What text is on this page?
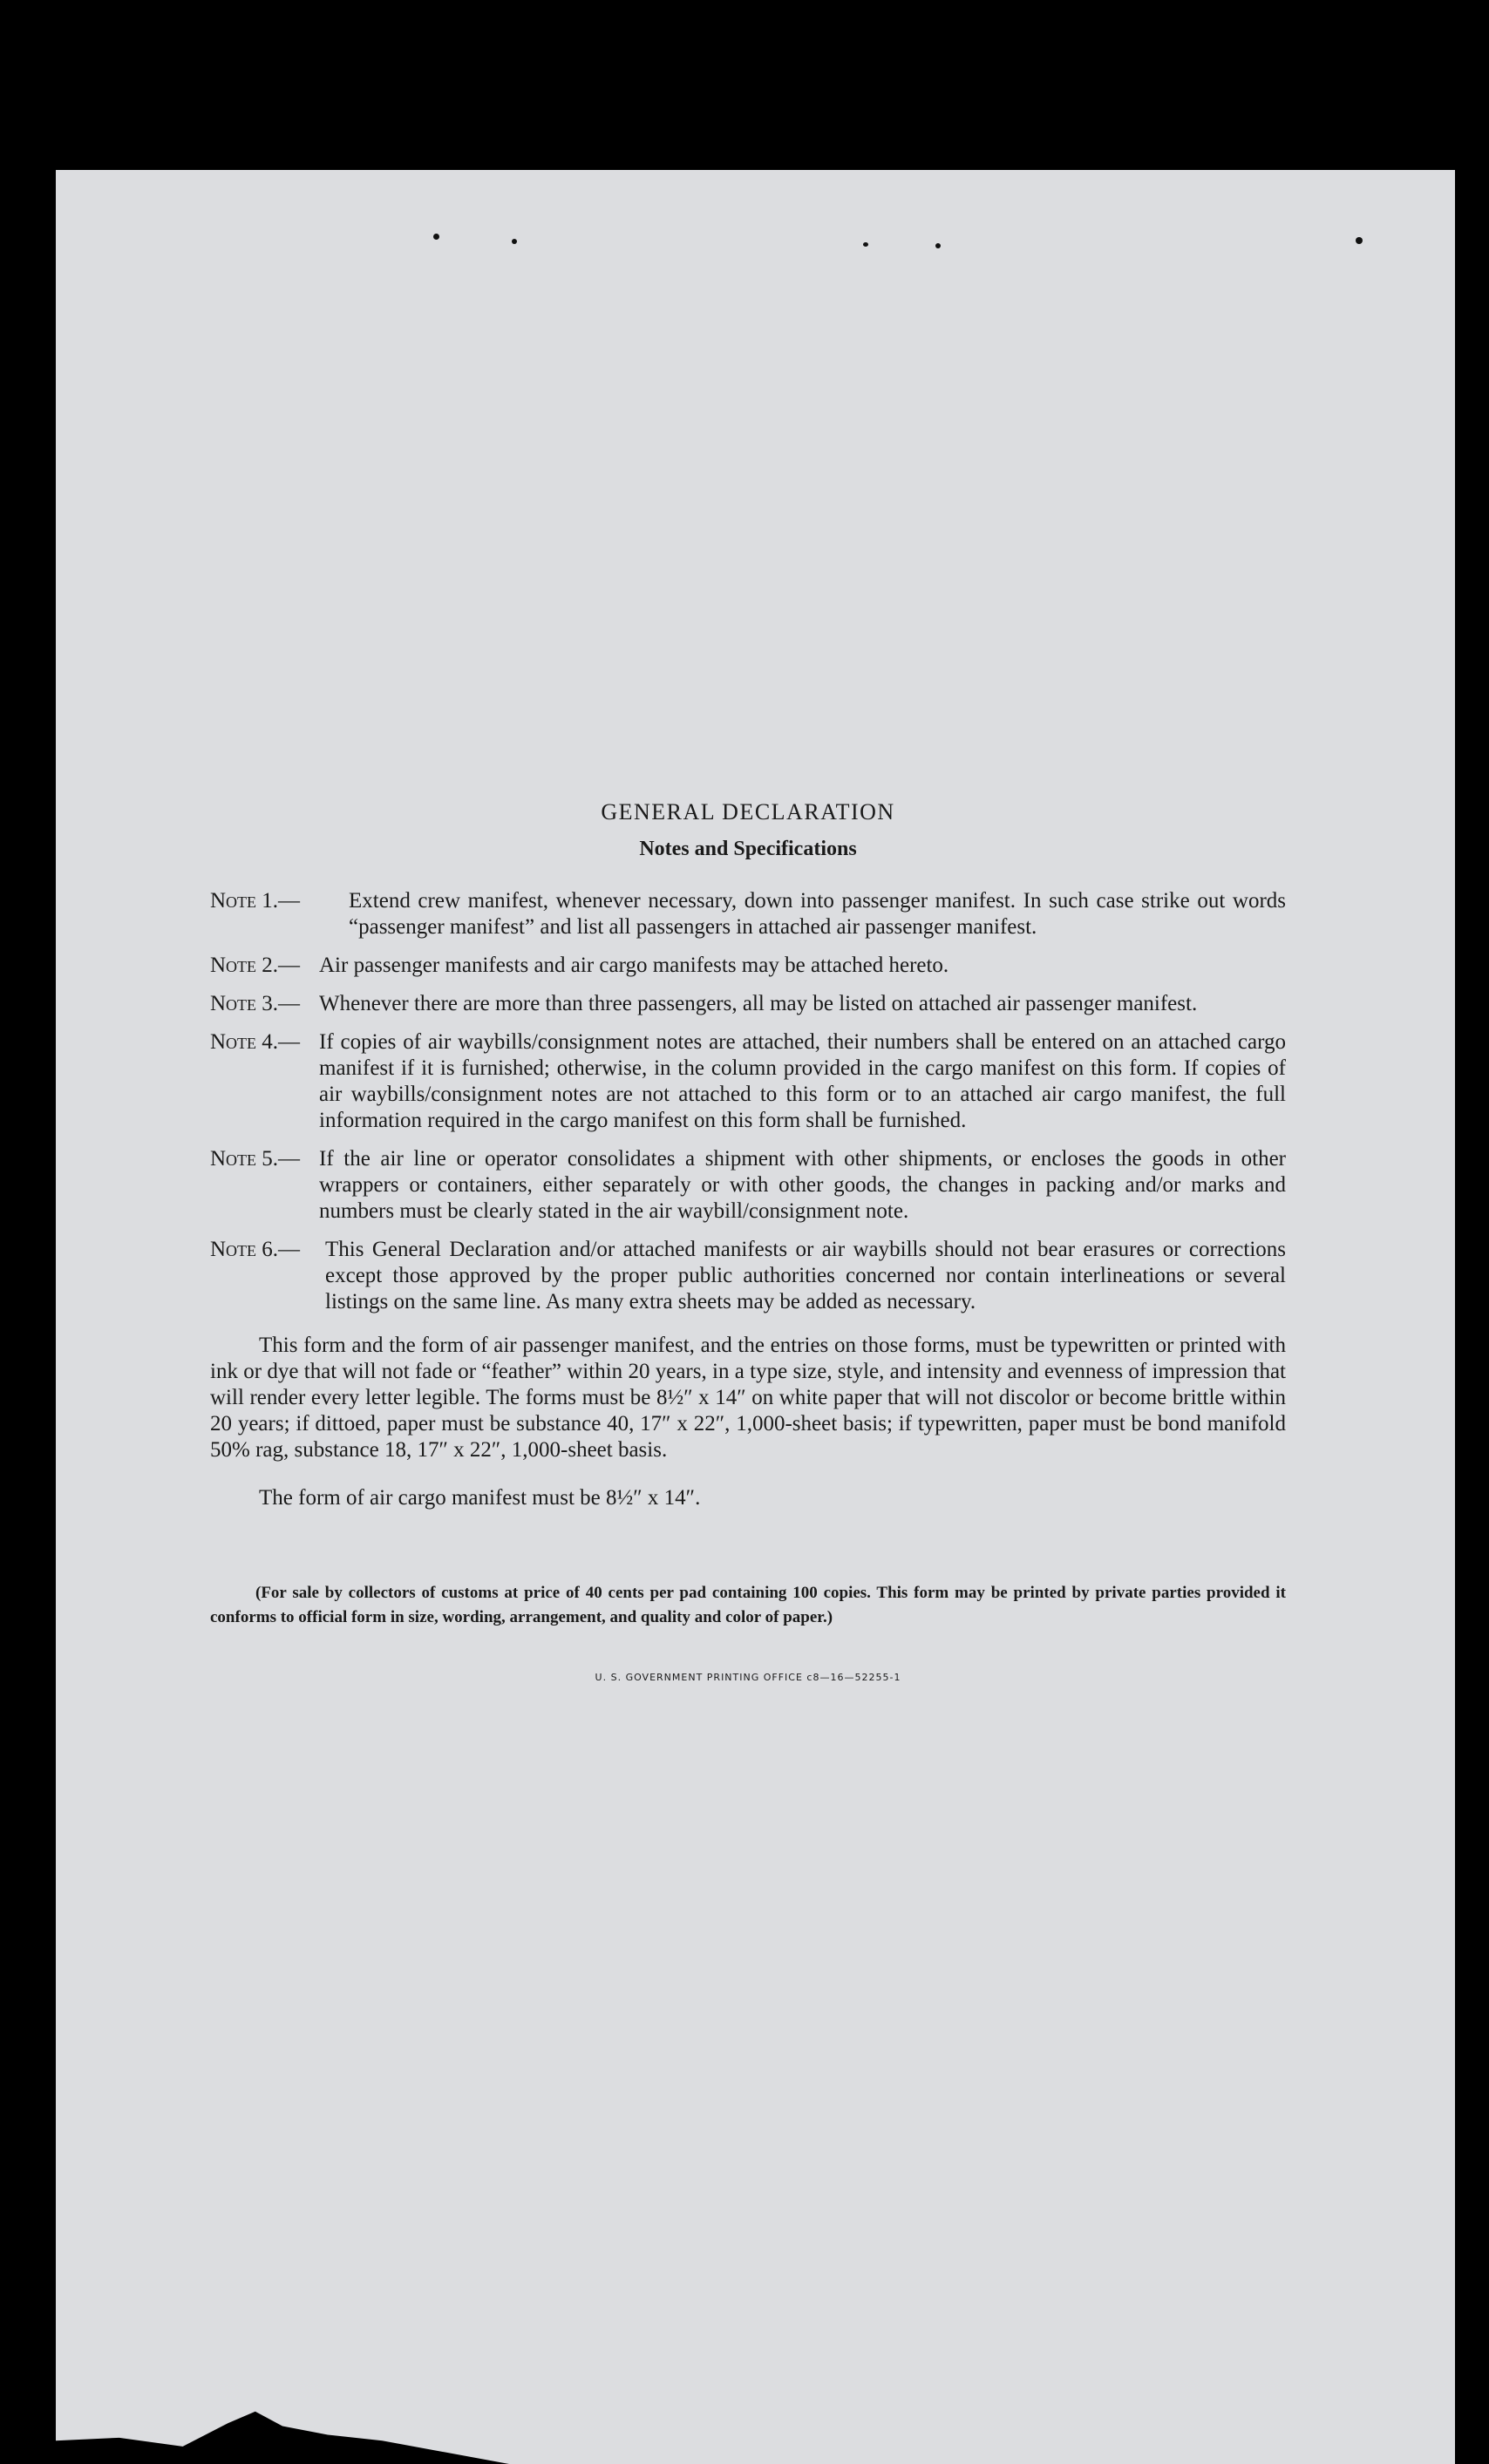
GENERAL DECLARATION
Notes and Specifications
Note 1.—	Extend crew manifest, whenever necessary, down into passenger manifest. In such case strike out words “passenger manifest” and list all passengers in attached air passenger manifest.
Note 2.— Air passenger manifests and air cargo manifests may be attached hereto.
Note 3.— Whenever there are more than three passengers, all may be listed on attached air passenger manifest.
Note 4.— If copies of air waybills/consignment notes are attached, their numbers shall be entered on an attached cargo manifest if it is furnished; otherwise, in the column provided in the cargo manifest on this form. If copies of air waybills/consignment notes are not attached to this form or to an attached air cargo manifest, the full information required in the cargo manifest on this form shall be furnished.
Note 5.— If the air line or operator consolidates a shipment with other shipments, or encloses the goods in other wrappers or containers, either separately or with other goods, the changes in packing and/or marks and numbers must be clearly stated in the air waybill/consignment note.
Note 6.—	This General Declaration and/or attached manifests or air waybills should not bear erasures or corrections except those approved by the proper public authorities concerned nor contain interlineations or several listings on the same line. As many extra sheets may be added as necessary.

This form and the form of air passenger manifest, and the entries on those forms, must be typewritten or printed with ink or dye that will not fade or “feather” within 20 years, in a type size, style, and intensity and evenness of impression that will render every letter legible. The forms must be 8½″ x 14″ on white paper that will not discolor or become brittle within 20 years; if dittoed, paper must be substance 40, 17″ x 22″, 1,000-sheet basis; if typewritten, paper must be bond manifold 50% rag, substance 18, 17″ x 22″, 1,000-sheet basis.

The form of air cargo manifest must be 8½″ x 14″.

(For sale by collectors of customs at price of 40 cents per pad containing 100 copies. This form may be printed by private parties provided it conforms to official form in size, wording, arrangement, and quality and color of paper.)

U. S. GOVERNMENT PRINTING OFFICE c8—16—52255-1
